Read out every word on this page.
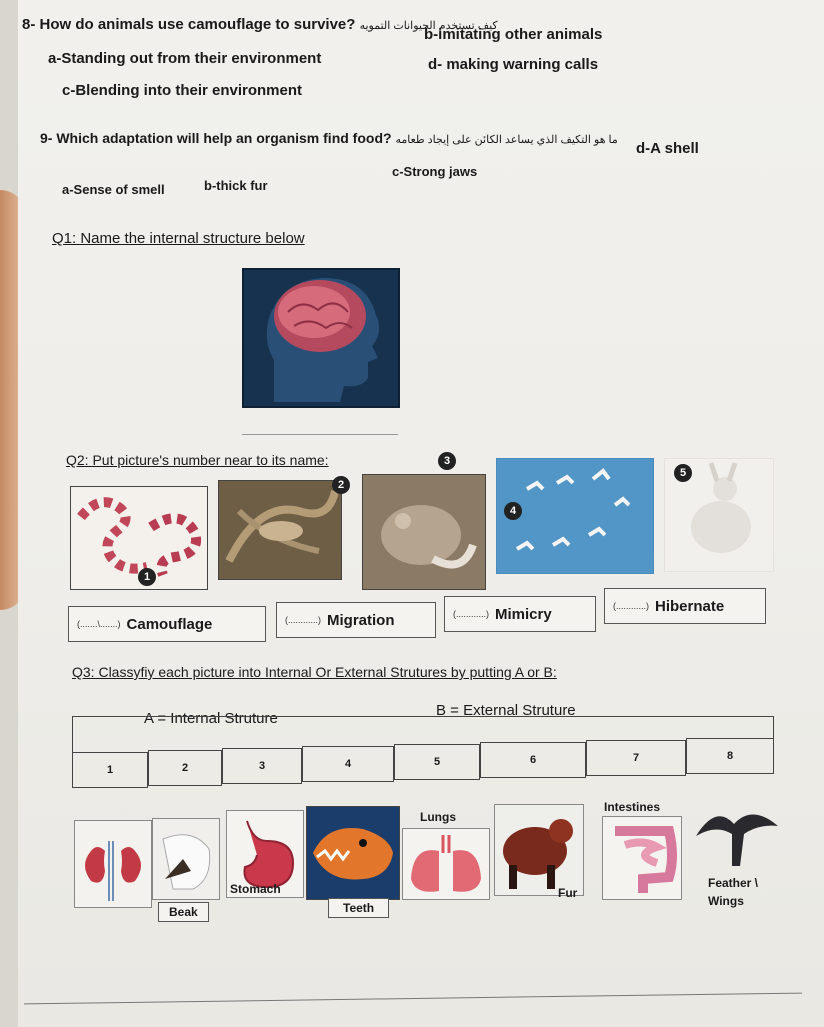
8- How do animals use camouflage to survive? كيف تستخدم الحيوانات التمويه
a-Standing out from their environment
b-imitating other animals
c-Blending into their environment
d- making warning calls
9- Which adaptation will help an organism find food? ما هو التكيف الذي يساعد الكائن على إيجاد طعامه
a-Sense of smell	b-thick fur
c-Strong jaws
d-A shell
Q1: Name the internal structure below
Q2: Put picture's number near to its name:
1
2
3
4
5
(.......\.......) Camouflage	(............) Migration	(............) Mimicry	(............) Hibernate
Q3: Classyfiy each picture into Internal Or External Strutures by putting A or B:
A = Internal Struture	B = External Struture
1	2	3	4	5	6	7	8
Beak
Stomach
Teeth
Lungs
Fur
Intestines
Feather \
Wings
